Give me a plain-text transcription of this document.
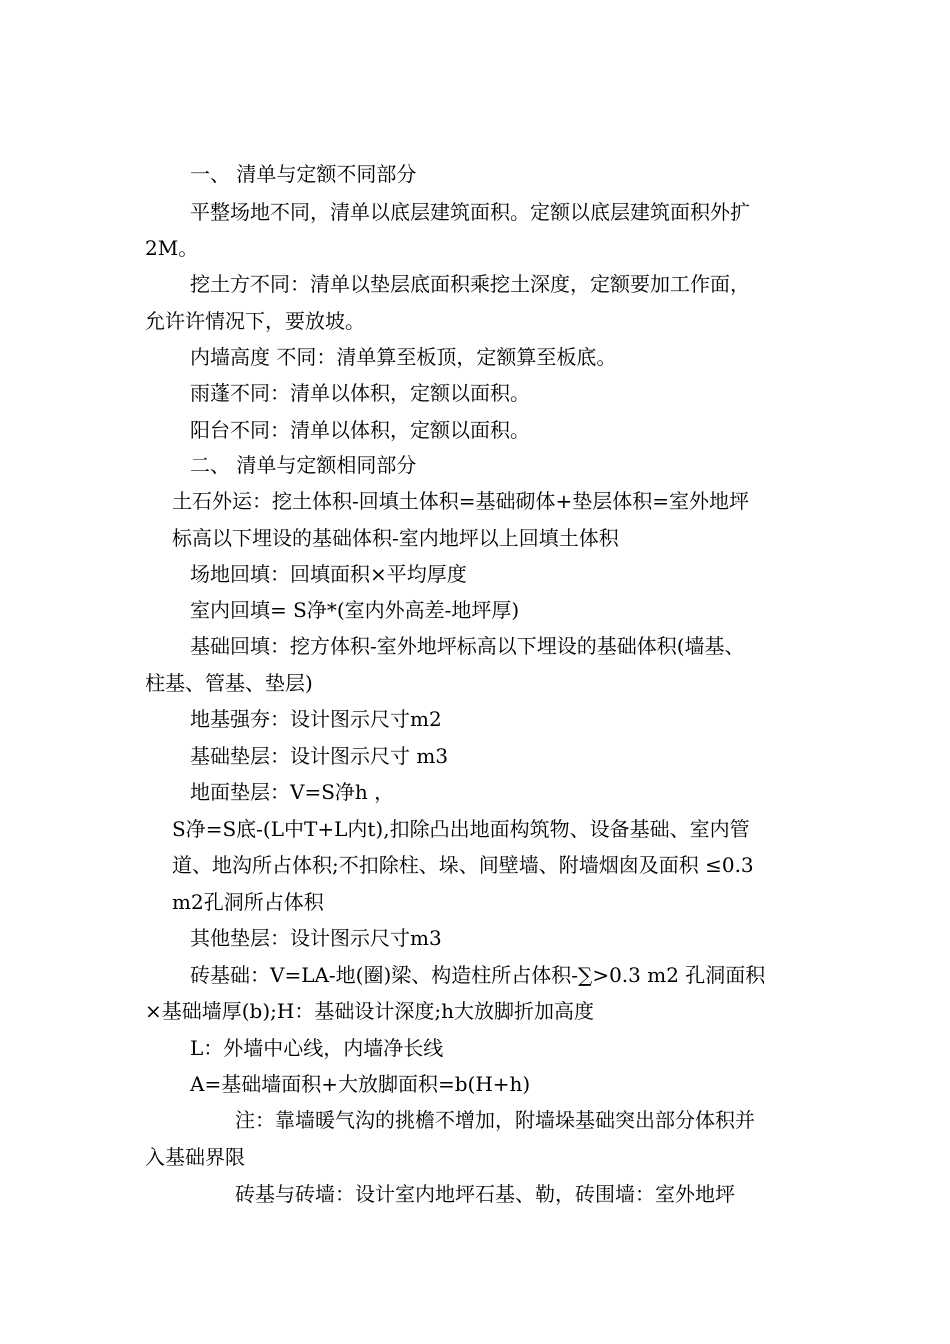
一、 清单与定额不同部分
平整场地不同，清单以底层建筑面积。定额以底层建筑面积外扩
2M。
挖土方不同：清单以垫层底面积乘挖土深度，定额要加工作面，
允许许情况下，要放坡。
内墙高度 不同：清单算至板顶，定额算至板底。
雨蓬不同：清单以体积，定额以面积。
阳台不同：清单以体积，定额以面积。
二、 清单与定额相同部分
土石外运：挖土体积-回填土体积=基础砌体+垫层体积=室外地坪
标高以下埋设的基础体积-室内地坪以上回填土体积
场地回填：回填面积×平均厚度
室内回填= S净*(室内外高差-地坪厚)
基础回填：挖方体积-室外地坪标高以下埋设的基础体积(墙基、
柱基、管基、垫层)
地基强夯：设计图示尺寸m2
基础垫层：设计图示尺寸 m3
地面垫层：V=S净h ，
S净=S底-(L中T+L内t),扣除凸出地面构筑物、设备基础、室内管
道、地沟所占体积;不扣除柱、垛、间壁墙、附墙烟囱及面积 ≤0.3
m2孔洞所占体积
其他垫层：设计图示尺寸m3
砖基础：V=LA-地(圈)梁、构造柱所占体积-∑>0.3 m2 孔洞面积
×基础墙厚(b);H：基础设计深度;h大放脚折加高度
L：外墙中心线，内墙净长线
A=基础墙面积+大放脚面积=b(H+h)
注：靠墙暖气沟的挑檐不增加，附墙垛基础突出部分体积并
入基础界限
砖基与砖墙：设计室内地坪石基、勒，砖围墙：室外地坪
